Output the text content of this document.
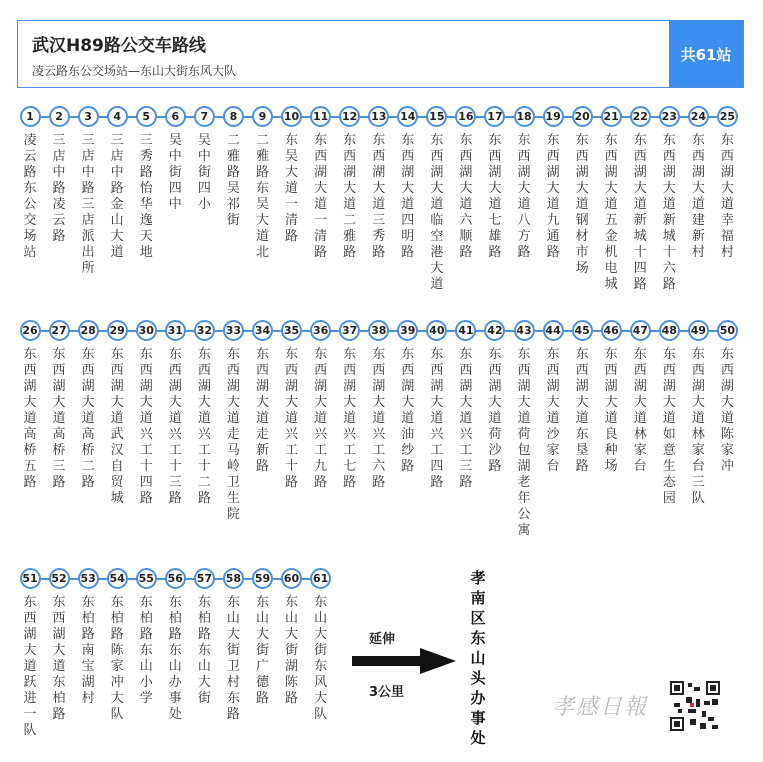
武汉H89路公交车路线
凌云路东公交场站—东山大街东风大队
共61站
1
凌云路东公交场站
2
三店中路凌云路
3
三店中路三店派出所
4
三店中路金山大道
5
三秀路怡华逸天地
6
吴中街四中
7
吴中街四小
8
二雅路吴祁街
9
二雅路东吴大道北
10
东吴大道一清路
11
东西湖大道一清路
12
东西湖大道二雅路
13
东西湖大道三秀路
14
东西湖大道四明路
15
东西湖大道临空港大道
16
东西湖大道六顺路
17
东西湖大道七雄路
18
东西湖大道八方路
19
东西湖大道九通路
20
东西湖大道钢材市场
21
东西湖大道五金机电城
22
东西湖大道新城十四路
23
东西湖大道新城十六路
24
东西湖大道建新村
25
东西湖大道幸福村
26
东西湖大道高桥五路
27
东西湖大道高桥三路
28
东西湖大道高桥二路
29
东西湖大道武汉自贸城
30
东西湖大道兴工十四路
31
东西湖大道兴工十三路
32
东西湖大道兴工十二路
33
东西湖大道走马岭卫生院
34
东西湖大道走新路
35
东西湖大道兴工十路
36
东西湖大道兴工九路
37
东西湖大道兴工七路
38
东西湖大道兴工六路
39
东西湖大道油纱路
40
东西湖大道兴工四路
41
东西湖大道兴工三路
42
东西湖大道荷沙路
43
东西湖大道荷包湖老年公寓
44
东西湖大道沙家台
45
东西湖大道东垦路
46
东西湖大道良种场
47
东西湖大道林家台
48
东西湖大道如意生态园
49
东西湖大道林家台三队
50
东西湖大道陈家冲
51
东西湖大道跃进一队
52
东西湖大道东柏路
53
东柏路南宝湖村
54
东柏路陈家冲大队
55
东柏路东山小学
56
东柏路东山办事处
57
东柏路东山大街
58
东山大街卫村东路
59
东山大街广德路
60
东山大街湖陈路
61
东山大街东风大队
延伸
3公里
孝南区东山头办事处
孝感日報
